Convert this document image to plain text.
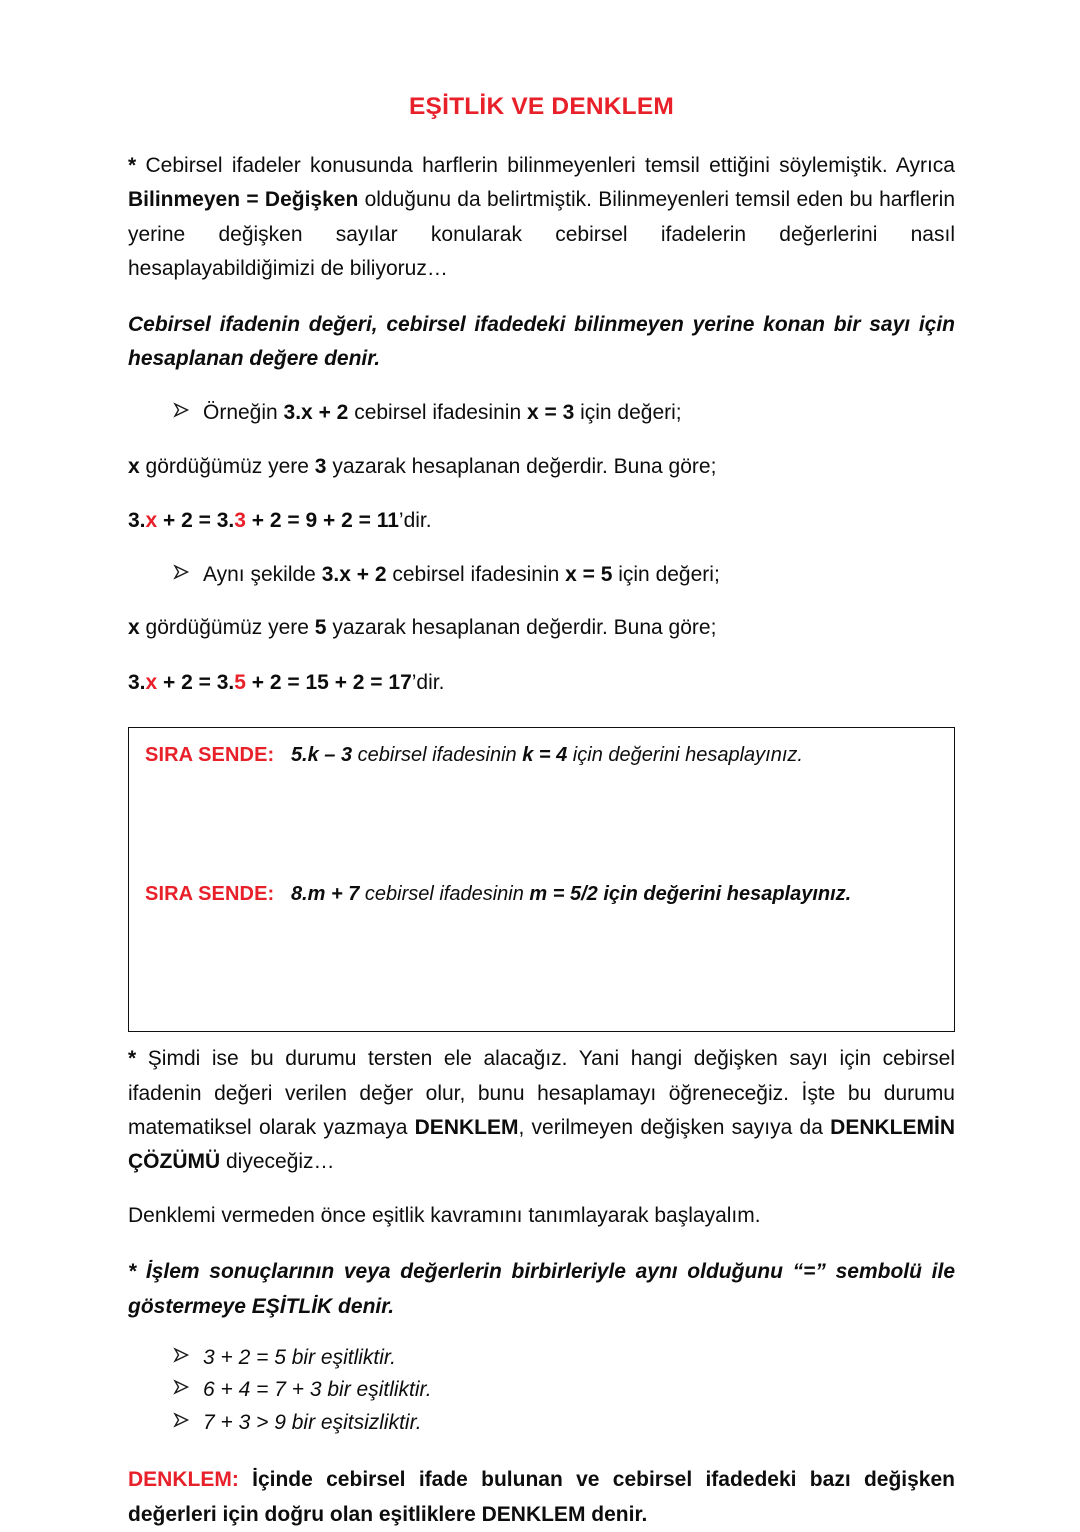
EŞİTLİK VE DENKLEM

* Cebirsel ifadeler konusunda harflerin bilinmeyenleri temsil ettiğini söylemiştik. Ayrıca Bilinmeyen = Değişken olduğunu da belirtmiştik. Bilinmeyenleri temsil eden bu harflerin yerine değişken sayılar konularak cebirsel ifadelerin değerlerini nasıl hesaplayabildiğimizi de biliyoruz…

Cebirsel ifadenin değeri, cebirsel ifadedeki bilinmeyen yerine konan bir sayı için hesaplanan değere denir.

Örneğin 3.x + 2 cebirsel ifadesinin x = 3 için değeri;

x gördüğümüz yere 3 yazarak hesaplanan değerdir. Buna göre;

3.x + 2 = 3.3 + 2 = 9 + 2 = 11’dir.

Aynı şekilde 3.x + 2 cebirsel ifadesinin x = 5 için değeri;

x gördüğümüz yere 5 yazarak hesaplanan değerdir. Buna göre;

3.x + 2 = 3.5 + 2 = 15 + 2 = 17’dir.

SIRA SENDE: 5.k – 3 cebirsel ifadesinin k = 4 için değerini hesaplayınız.
SIRA SENDE: 8.m + 7 cebirsel ifadesinin m = 5/2 için değerini hesaplayınız.

* Şimdi ise bu durumu tersten ele alacağız. Yani hangi değişken sayı için cebirsel ifadenin değeri verilen değer olur, bunu hesaplamayı öğreneceğiz. İşte bu durumu matematiksel olarak yazmaya DENKLEM, verilmeyen değişken sayıya da DENKLEMİN ÇÖZÜMÜ diyeceğiz…

Denklemi vermeden önce eşitlik kavramını tanımlayarak başlayalım.

* İşlem sonuçlarının veya değerlerin birbirleriyle aynı olduğunu “=” sembolü ile göstermeye EŞİTLİK denir.

3 + 2 = 5 bir eşitliktir.
6 + 4 = 7 + 3 bir eşitliktir.
7 + 3 > 9 bir eşitsizliktir.

DENKLEM: İçinde cebirsel ifade bulunan ve cebirsel ifadedeki bazı değişken değerleri için doğru olan eşitliklere DENKLEM denir.
